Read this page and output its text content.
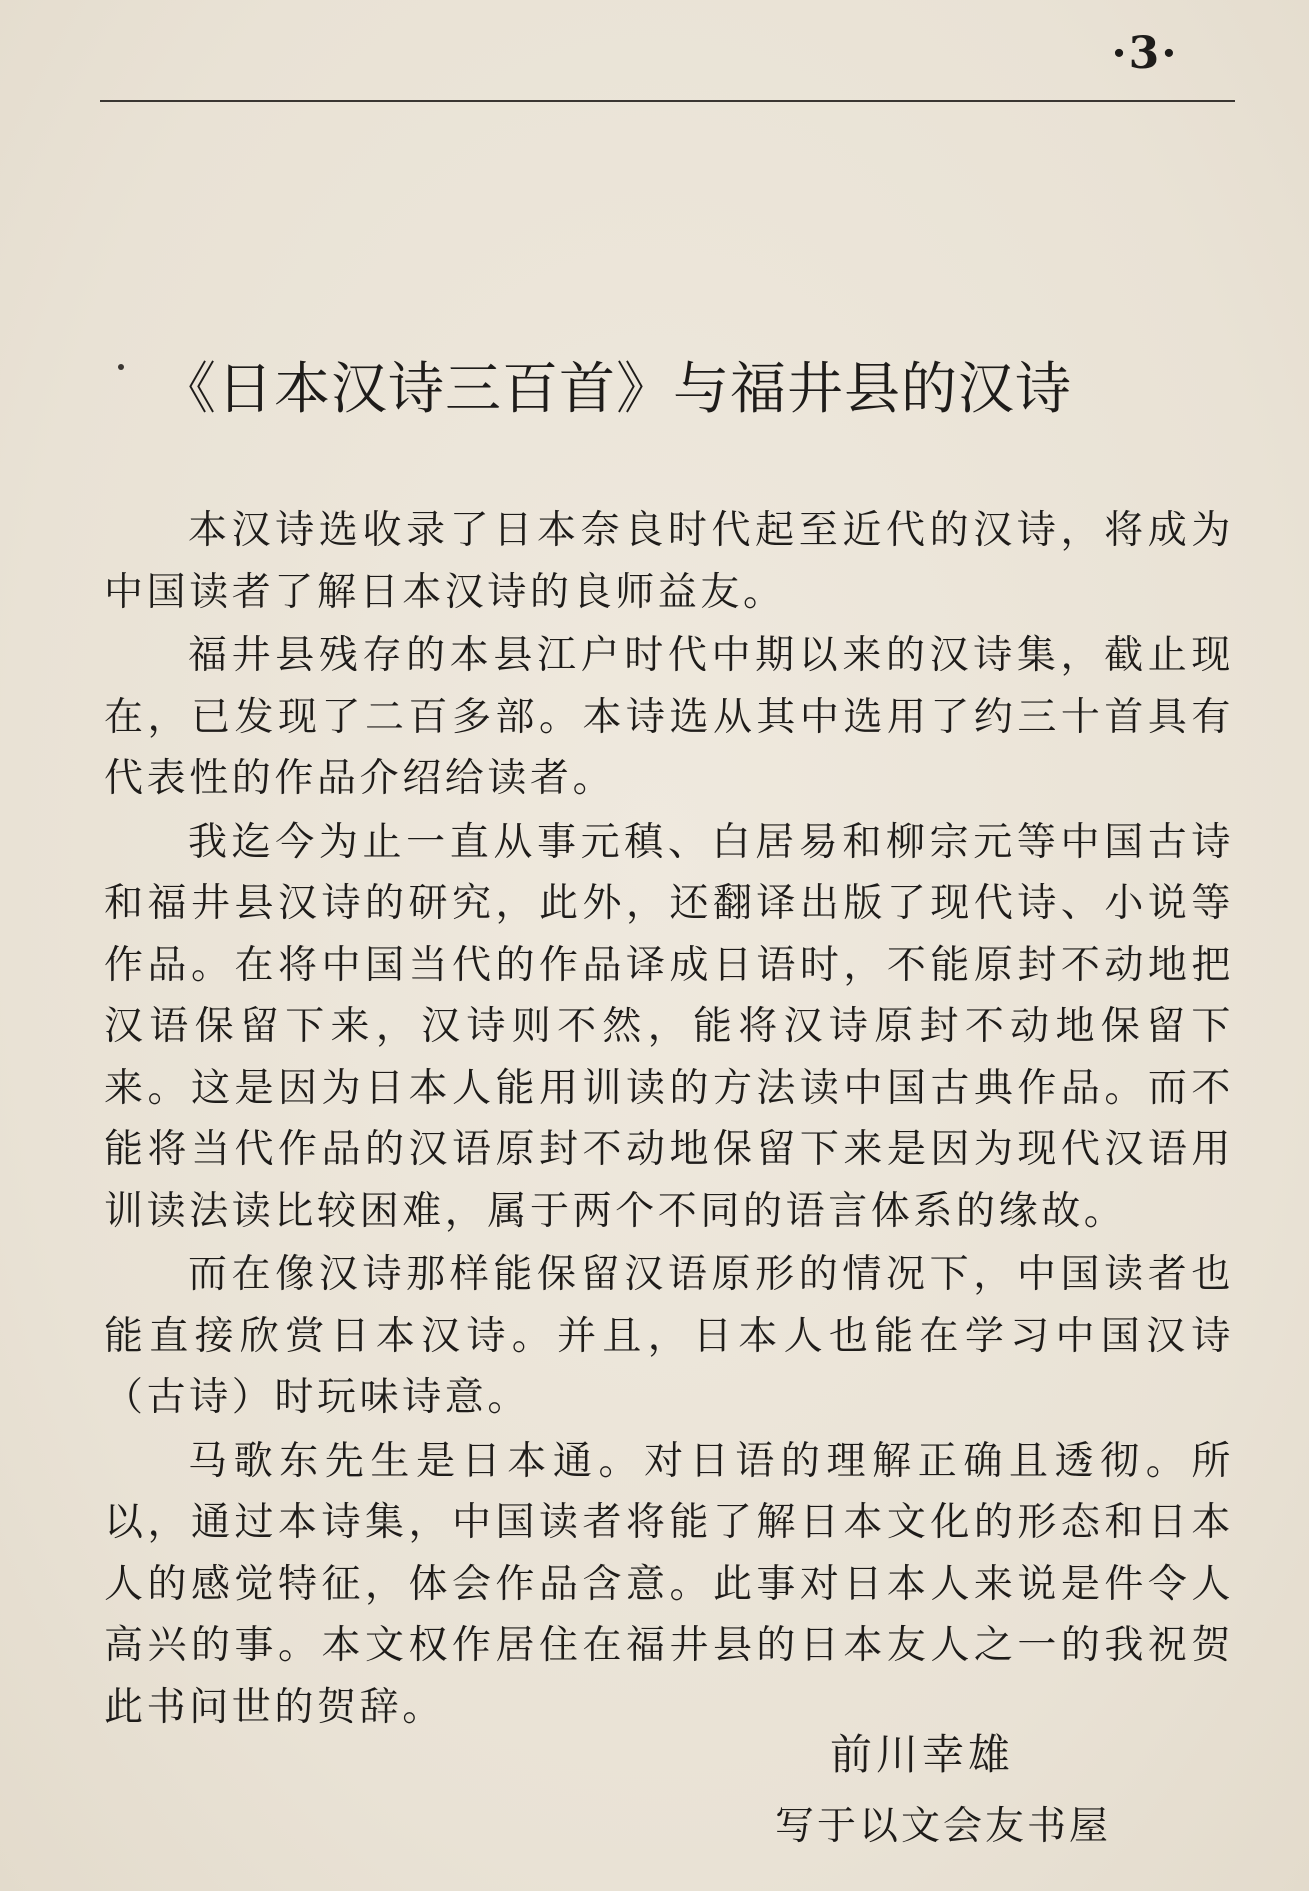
·3·
《日本汉诗三百首》与福井县的汉诗

本汉诗选收录了日本奈良时代起至近代的汉诗，将成为中国读者了解日本汉诗的良师益友。

福井县残存的本县江户时代中期以来的汉诗集，截止现在，已发现了二百多部。本诗选从其中选用了约三十首具有代表性的作品介绍给读者。

我迄今为止一直从事元稹、白居易和柳宗元等中国古诗和福井县汉诗的研究，此外，还翻译出版了现代诗、小说等作品。在将中国当代的作品译成日语时，不能原封不动地把汉语保留下来，汉诗则不然，能将汉诗原封不动地保留下来。这是因为日本人能用训读的方法读中国古典作品。而不能将当代作品的汉语原封不动地保留下来是因为现代汉语用训读法读比较困难，属于两个不同的语言体系的缘故。

而在像汉诗那样能保留汉语原形的情况下，中国读者也能直接欣赏日本汉诗。并且，日本人也能在学习中国汉诗（古诗）时玩味诗意。

马歌东先生是日本通。对日语的理解正确且透彻。所以，通过本诗集，中国读者将能了解日本文化的形态和日本人的感觉特征，体会作品含意。此事对日本人来说是件令人高兴的事。本文权作居住在福井县的日本友人之一的我祝贺此书问世的贺辞。

前川幸雄
写于以文会友书屋
